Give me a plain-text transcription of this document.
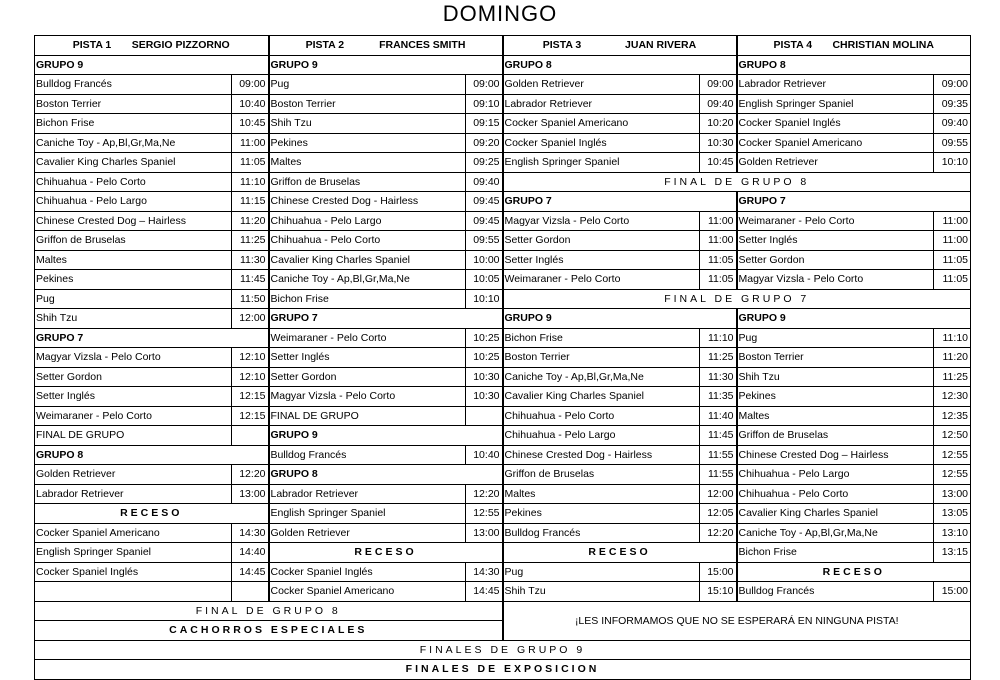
DOMINGO
PISTA 1 SERGIO PIZZORNO		PISTA 2 FRANCES SMITH		PISTA 3 JUAN RIVERA		PISTA 4 CHRISTIAN MOLINA	
GRUPO 9		GRUPO 9		GRUPO 8		GRUPO 8	
Bulldog Francés	09:00	Pug	09:00	Golden Retriever	09:00	Labrador Retriever	09:00
Boston Terrier	10:40	Boston Terrier	09:10	Labrador Retriever	09:40	English Springer Spaniel	09:35
Bichon Frise	10:45	Shih Tzu	09:15	Cocker Spaniel Americano	10:20	Cocker Spaniel Inglés	09:40
Caniche Toy - Ap,Bl,Gr,Ma,Ne	11:00	Pekines	09:20	Cocker Spaniel Inglés	10:30	Cocker Spaniel Americano	09:55
Cavalier King Charles Spaniel	11:05	Maltes	09:25	English Springer Spaniel	10:45	Golden Retriever	10:10
Chihuahua - Pelo Corto	11:10	Griffon de Bruselas	09:40	FINAL DE GRUPO 8			
Chihuahua - Pelo Largo	11:15	Chinese Crested Dog - Hairless	09:45	GRUPO 7		GRUPO 7	
Chinese Crested Dog – Hairless	11:20	Chihuahua - Pelo Largo	09:45	Magyar Vizsla - Pelo Corto	11:00	Weimaraner - Pelo Corto	11:00
Griffon de Bruselas	11:25	Chihuahua - Pelo Corto	09:55	Setter Gordon	11:00	Setter Inglés	11:00
Maltes	11:30	Cavalier King Charles Spaniel	10:00	Setter Inglés	11:05	Setter Gordon	11:05
Pekines	11:45	Caniche Toy - Ap,Bl,Gr,Ma,Ne	10:05	Weimaraner - Pelo Corto	11:05	Magyar Vizsla - Pelo Corto	11:05
Pug	11:50	Bichon Frise	10:10	FINAL DE GRUPO 7			
Shih Tzu	12:00	GRUPO 7		GRUPO 9		GRUPO 9	
GRUPO 7		Weimaraner - Pelo Corto	10:25	Bichon Frise	11:10	Pug	11:10
Magyar Vizsla - Pelo Corto	12:10	Setter Inglés	10:25	Boston Terrier	11:25	Boston Terrier	11:20
Setter Gordon	12:10	Setter Gordon	10:30	Caniche Toy - Ap,Bl,Gr,Ma,Ne	11:30	Shih Tzu	11:25
Setter Inglés	12:15	Magyar Vizsla - Pelo Corto	10:30	Cavalier King Charles Spaniel	11:35	Pekines	12:30
Weimaraner - Pelo Corto	12:15	FINAL DE GRUPO		Chihuahua - Pelo Corto	11:40	Maltes	12:35
FINAL DE GRUPO		GRUPO 9		Chihuahua - Pelo Largo	11:45	Griffon de Bruselas	12:50
GRUPO 8		Bulldog Francés	10:40	Chinese Crested Dog - Hairless	11:55	Chinese Crested Dog – Hairless	12:55
Golden Retriever	12:20	GRUPO 8		Griffon de Bruselas	11:55	Chihuahua - Pelo Largo	12:55
Labrador Retriever	13:00	Labrador Retriever	12:20	Maltes	12:00	Chihuahua - Pelo Corto	13:00
RECESO		English Springer Spaniel	12:55	Pekines	12:05	Cavalier King Charles Spaniel	13:05
Cocker Spaniel Americano	14:30	Golden Retriever	13:00	Bulldog Francés	12:20	Caniche Toy - Ap,Bl,Gr,Ma,Ne	13:10
English Springer Spaniel	14:40	RECESO		RECESO		Bichon Frise	13:15
Cocker Spaniel Inglés	14:45	Cocker Spaniel Inglés	14:30	Pug	15:00	RECESO	
		Cocker Spaniel Americano	14:45	Shih Tzu	15:10	Bulldog Francés	15:00
FINAL DE GRUPO 8				¡LES INFORMAMOS QUE NO SE ESPERARÁ EN NINGUNA PISTA!			
CACHORROS ESPECIALES							
FINALES DE GRUPO 9							
FINALES DE EXPOSICION							
